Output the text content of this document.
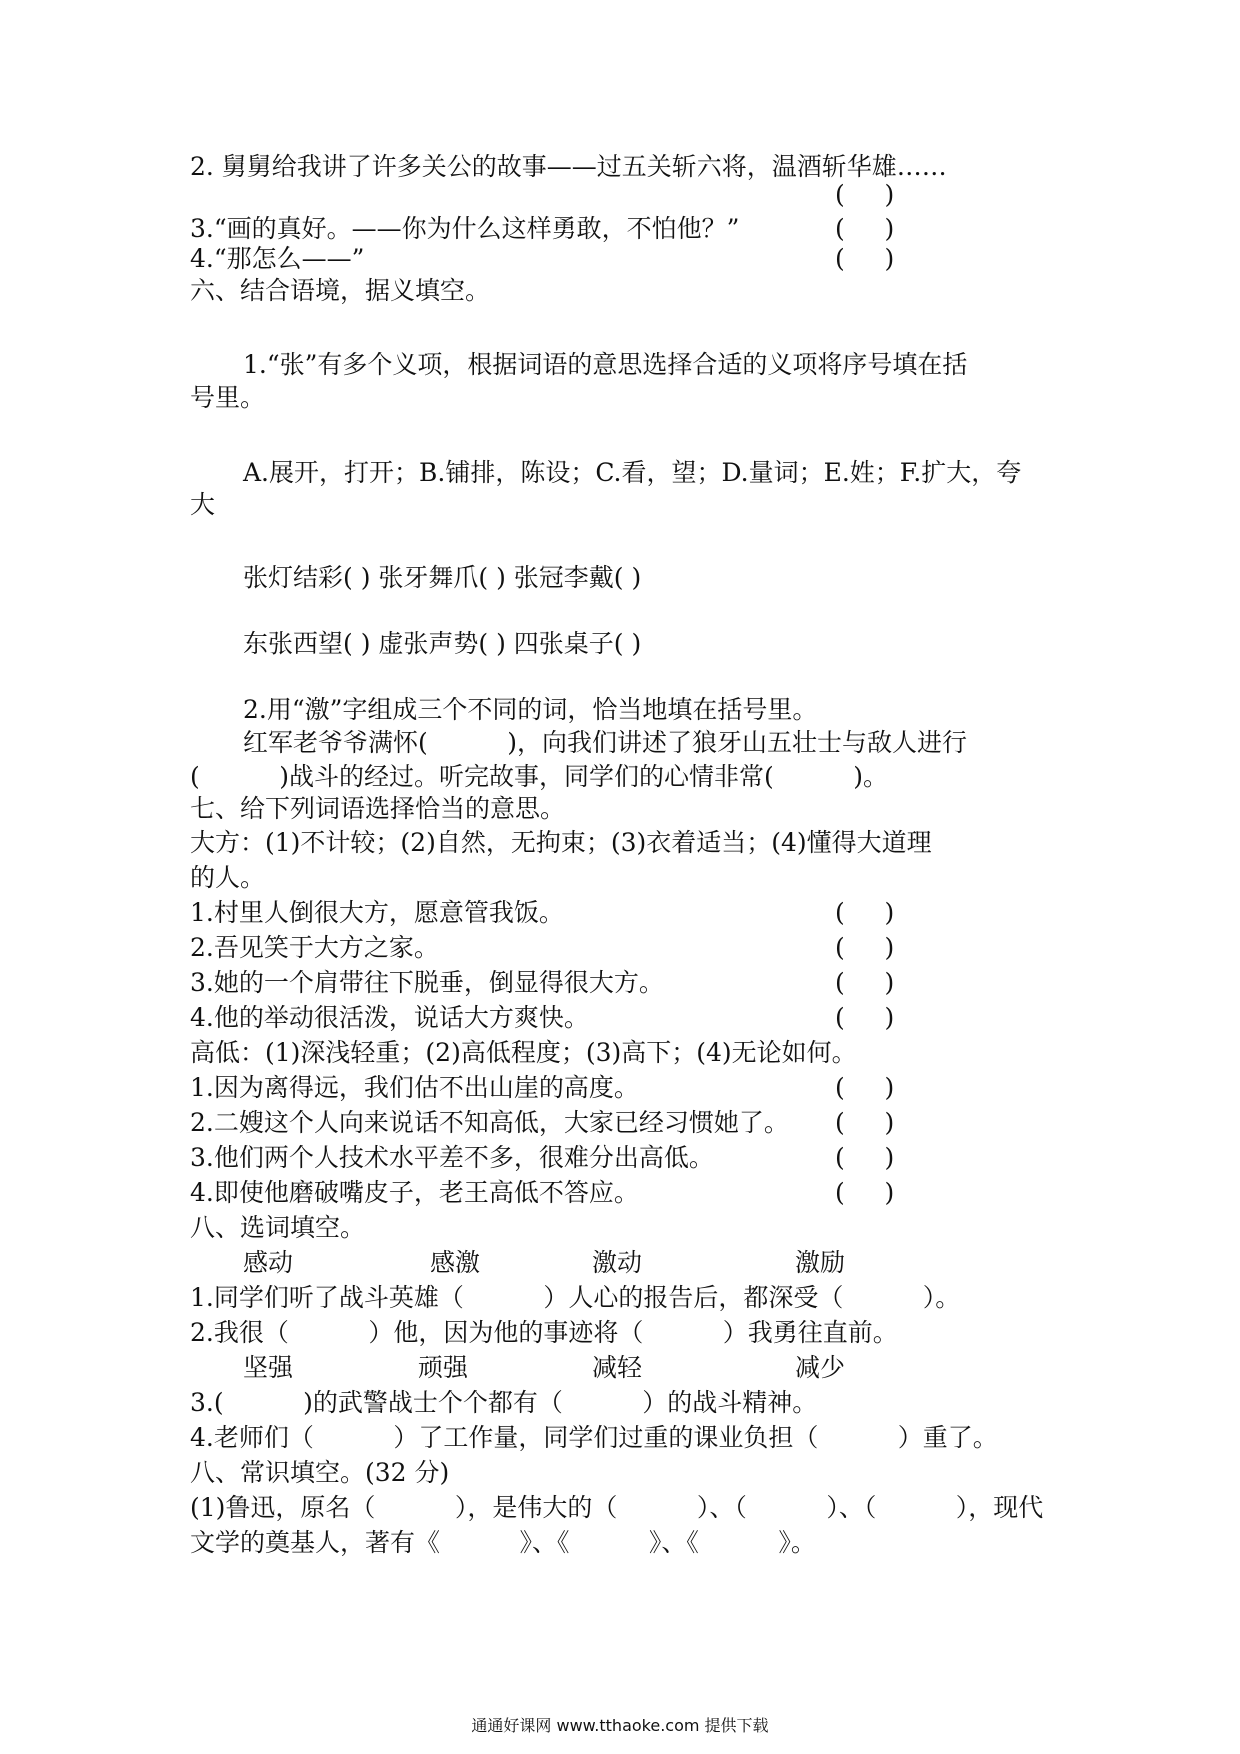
2. 舅舅给我讲了许多关公的故事——过五关斩六将，温酒斩华雄……
(     )
3.“画的真好。——你为什么这样勇敢，不怕他？”	(     )
4.“那怎么——”	(     )
六、结合语境，据义填空。
1.“张”有多个义项，根据词语的意思选择合适的义项将序号填在括
号里。
A.展开，打开；B.铺排，陈设；C.看，望；D.量词；E.姓；F.扩大，夸
大
张灯结彩( ) 张牙舞爪( ) 张冠李戴( )
东张西望( ) 虚张声势( ) 四张桌子( )
2.用“激”字组成三个不同的词，恰当地填在括号里。
红军老爷爷满怀(          )，向我们讲述了狼牙山五壮士与敌人进行
(          )战斗的经过。听完故事，同学们的心情非常(          )。
七、给下列词语选择恰当的意思。
大方：(1)不计较；(2)自然，无拘束；(3)衣着适当；(4)懂得大道理
的人。
1.村里人倒很大方，愿意管我饭。	(     )
2.吾见笑于大方之家。	(     )
3.她的一个肩带往下脱垂，倒显得很大方。	(     )
4.他的举动很活泼，说话大方爽快。	(     )
高低：(1)深浅轻重；(2)高低程度；(3)高下；(4)无论如何。
1.因为离得远，我们估不出山崖的高度。	(     )
2.二嫂这个人向来说话不知高低，大家已经习惯她了。 (     )
3.他们两个人技术水平差不多，很难分出高低。	(     )
4.即使他磨破嘴皮子，老王高低不答应。	(     )
八、选词填空。
感动	感激	激动	激励
1.同学们听了战斗英雄（          ）人心的报告后，都深受（          ）。
2.我很（          ）他，因为他的事迹将（          ）我勇往直前。
坚强	顽强	减轻	减少
3.(          )的武警战士个个都有（          ）的战斗精神。
4.老师们（          ）了工作量，同学们过重的课业负担（          ）重了。
八、常识填空。(32 分)
(1)鲁迅，原名（          ），是伟大的（          ）、（          ）、（          ），现代
文学的奠基人，著有《          》、《          》、《          》。
通通好课网 www.tthaoke.com 提供下载
